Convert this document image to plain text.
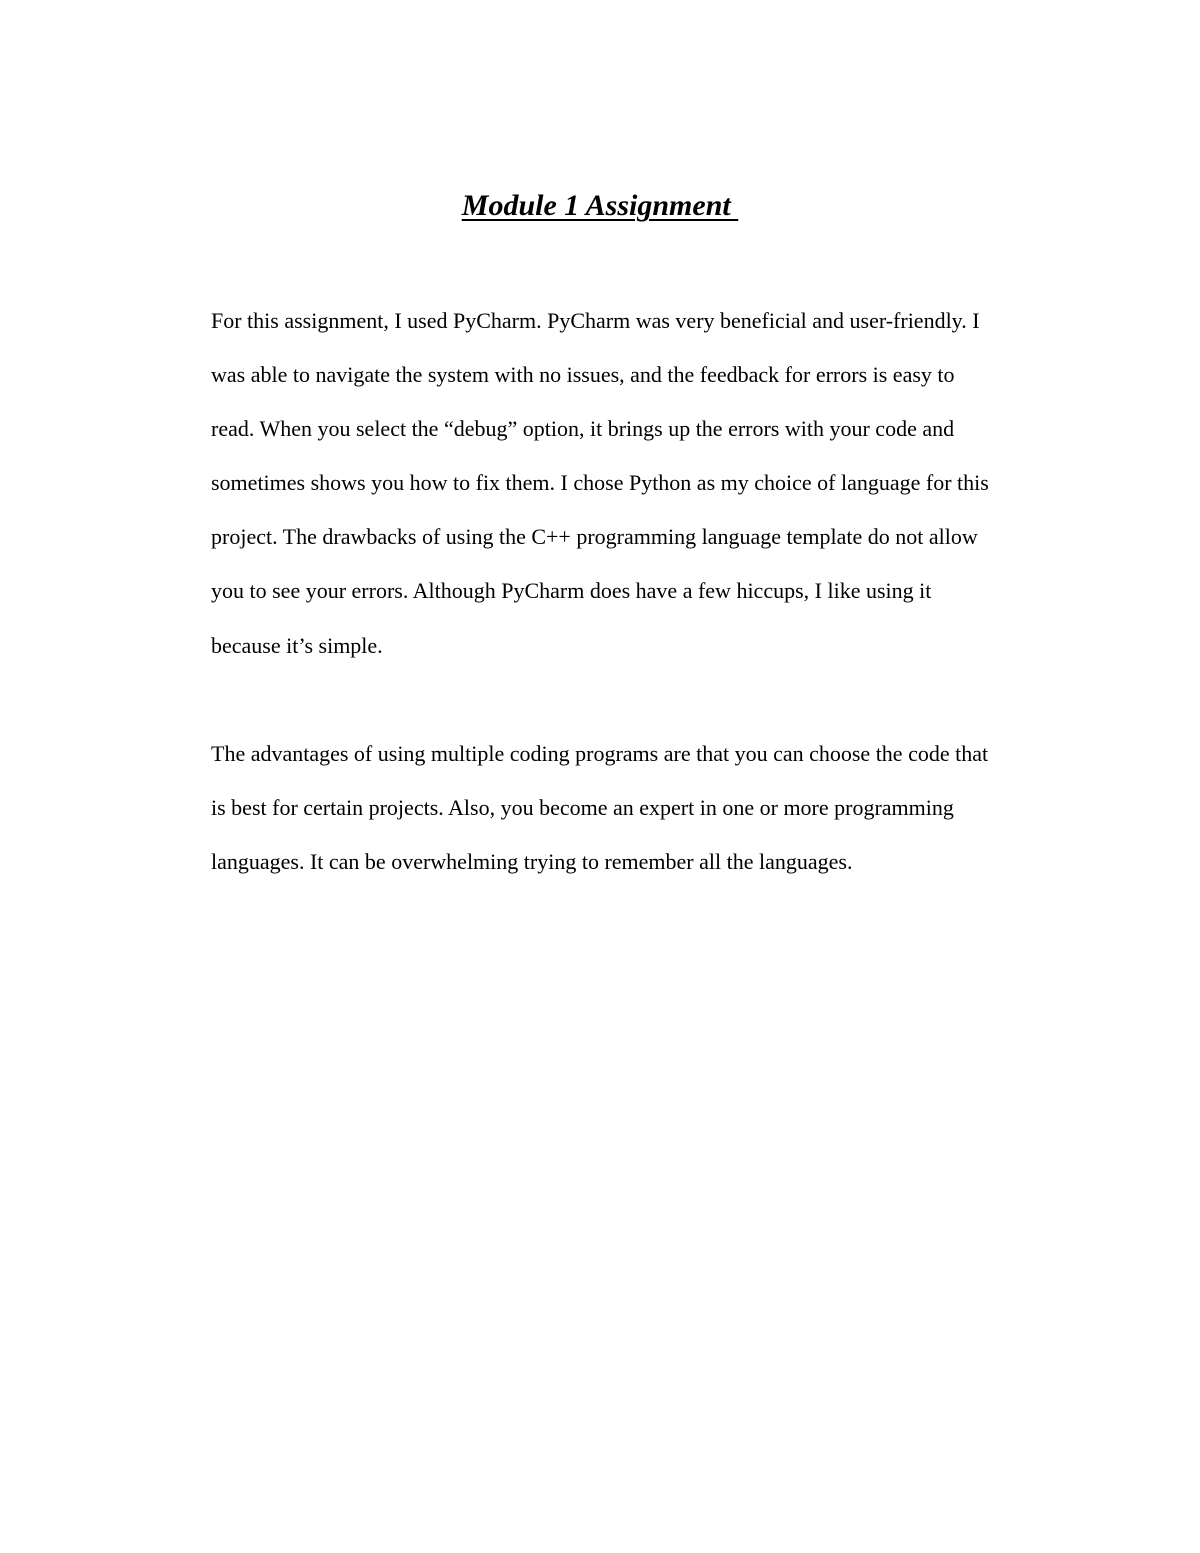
Module 1 Assignment
For this assignment, I used PyCharm. PyCharm was very beneficial and user-friendly. I
was able to navigate the system with no issues, and the feedback for errors is easy to
read. When you select the “debug” option, it brings up the errors with your code and
sometimes shows you how to fix them. I chose Python as my choice of language for this
project. The drawbacks of using the C++ programming language template do not allow
you to see your errors. Although PyCharm does have a few hiccups, I like using it
because it’s simple.
The advantages of using multiple coding programs are that you can choose the code that
is best for certain projects. Also, you become an expert in one or more programming
languages. It can be overwhelming trying to remember all the languages.
